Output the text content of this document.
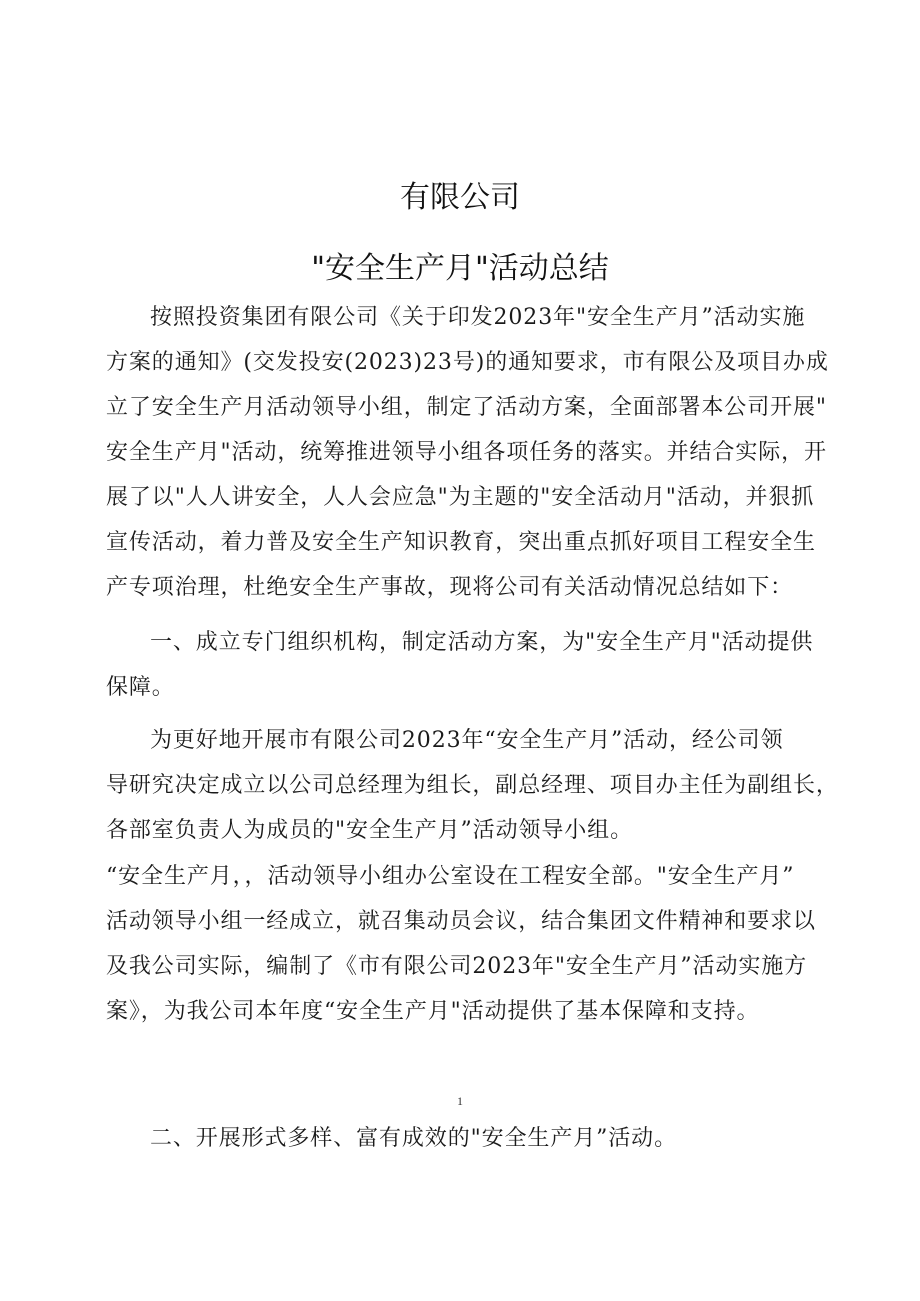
有限公司
"安全生产月"活动总结
按照投资集团有限公司《关于印发2023年"安全生产月”活动实施
方案的通知》(交发投安(2023)23号)的通知要求，市有限公及项目办成
立了安全生产月活动领导小组，制定了活动方案，全面部署本公司开展"
安全生产月"活动，统筹推进领导小组各项任务的落实。并结合实际，开
展了以"人人讲安全，人人会应急"为主题的"安全活动月"活动，并狠抓
宣传活动，着力普及安全生产知识教育，突出重点抓好项目工程安全生
产专项治理，杜绝安全生产事故，现将公司有关活动情况总结如下：
一、成立专门组织机构，制定活动方案，为"安全生产月"活动提供
保障。
为更好地开展市有限公司2023年“安全生产月”活动，经公司领
导研究决定成立以公司总经理为组长，副总经理、项目办主任为副组长，
各部室负责人为成员的"安全生产月”活动领导小组。
“安全生产月，，活动领导小组办公室设在工程安全部。"安全生产月”
活动领导小组一经成立，就召集动员会议，结合集团文件精神和要求以
及我公司实际，编制了《市有限公司2023年"安全生产月”活动实施方
案》，为我公司本年度“安全生产月"活动提供了基本保障和支持。
1
二、开展形式多样、富有成效的"安全生产月”活动。
